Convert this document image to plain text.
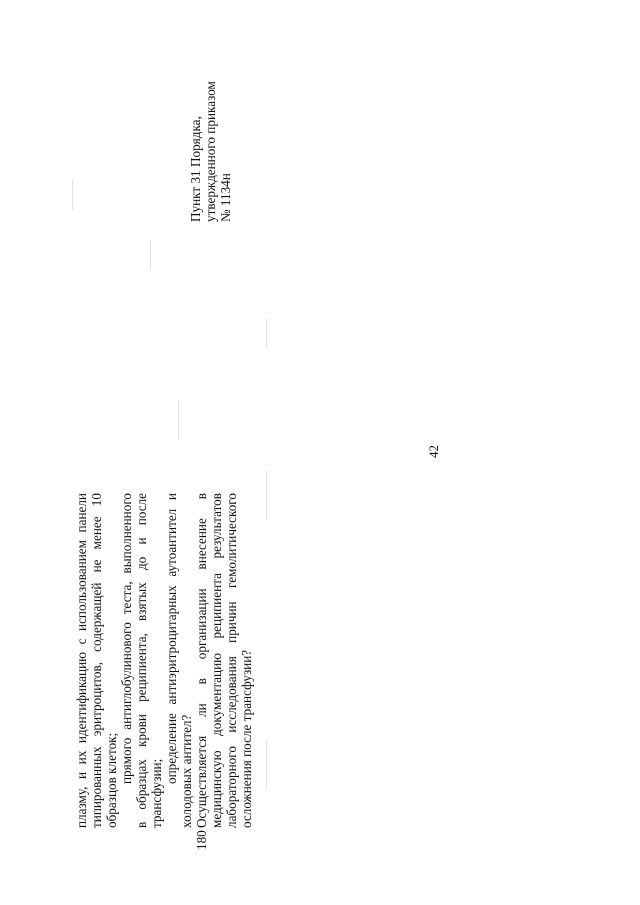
42
плазму, и их идентификацию с использованием панели типированных эритроцитов, содержащей не менее 10 образцов клеток; прямого антиглобулинового теста, выполненного в образцах крови реципиента, взятых до и после трансфузии;
определение антиэритроцитарных аутоантител и холодовых антител? Осуществляется ли в организации внесение в медицинскую документацию реципиента результатов лабораторного исследования причин гемолитического осложнения после трансфузии?
180
Пункт 31 Порядка, утвержденного приказом № 1134н
